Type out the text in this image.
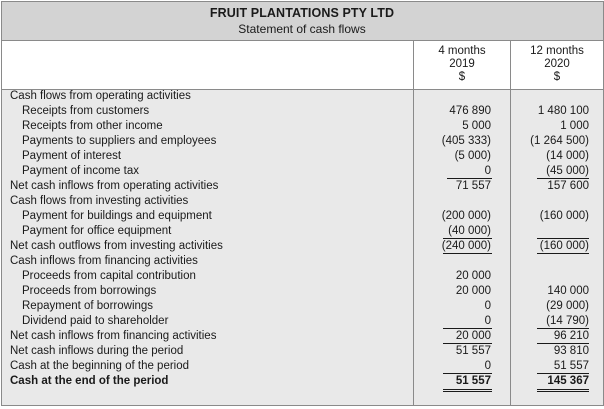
FRUIT PLANTATIONS PTY LTD
Statement of cash flows
4 months
2019
$
12 months
2020
$
Cash flows from operating activities
Receipts from customers	476 890	1 480 100
Receipts from other income	5 000	1 000
Payments to suppliers and employees	(405 333)	(1 264 500)
Payment of interest	(5 000)	(14 000)
Payment of income tax	0	(45 000)
Net cash inflows from operating activities	71 557	157 600
Cash flows from investing activities
Payment for buildings and equipment	(200 000)	(160 000)
Payment for office equipment	(40 000)
Net cash outflows from investing activities	(240 000)	(160 000)
Cash inflows from financing activities
Proceeds from capital contribution	20 000
Proceeds from borrowings	20 000	140 000
Repayment of borrowings	0	(29 000)
Dividend paid to shareholder	0	(14 790)
Net cash inflows from financing activities	20 000	96 210
Net cash inflows during the period	51 557	93 810
Cash at the beginning of the period	0	51 557
Cash at the end of the period	51 557	145 367
